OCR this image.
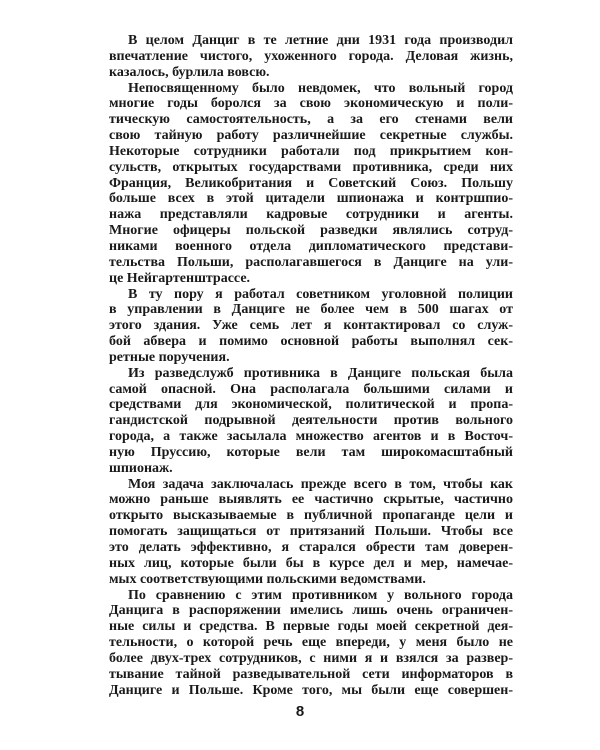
В целом Данциг в те летние дни 1931 года производил
впечатление чистого, ухоженного города. Деловая жизнь,
казалось, бурлила вовсю.
Непосвященному было невдомек, что вольный город
многие годы боролся за свою экономическую и поли-
тическую самостоятельность, а за его стенами вели
свою тайную работу различнейшие секретные службы.
Некоторые сотрудники работали под прикрытием кон-
сульств, открытых государствами противника, среди них
Франция, Великобритания и Советский Союз. Польшу
больше всех в этой цитадели шпионажа и контршпио-
нажа представляли кадровые сотрудники и агенты.
Многие офицеры польской разведки являлись сотруд-
никами военного отдела дипломатического представи-
тельства Польши, располагавшегося в Данциге на ули-
це Нейгартенштрассе.
В ту пору я работал советником уголовной полиции
в управлении в Данциге не более чем в 500 шагах от
этого здания. Уже семь лет я контактировал со служ-
бой абвера и помимо основной работы выполнял сек-
ретные поручения.
Из разведслужб противника в Данциге польская была
самой опасной. Она располагала большими силами и
средствами для экономической, политической и пропа-
гандистской подрывной деятельности против вольного
города, а также засылала множество агентов и в Восточ-
ную Пруссию, которые вели там широкомасштабный
шпионаж.
Моя задача заключалась прежде всего в том, чтобы как
можно раньше выявлять ее частично скрытые, частично
открыто высказываемые в публичной пропаганде цели и
помогать защищаться от притязаний Польши. Чтобы все
это делать эффективно, я старался обрести там доверен-
ных лиц, которые были бы в курсе дел и мер, намечае-
мых соответствующими польскими ведомствами.
По сравнению с этим противником у вольного города
Данцига в распоряжении имелись лишь очень ограничен-
ные силы и средства. В первые годы моей секретной дея-
тельности, о которой речь еще впереди, у меня было не
более двух-трех сотрудников, с ними я и взялся за развер-
тывание тайной разведывательной сети информаторов в
Данциге и Польше. Кроме того, мы были еще совершен-
8
